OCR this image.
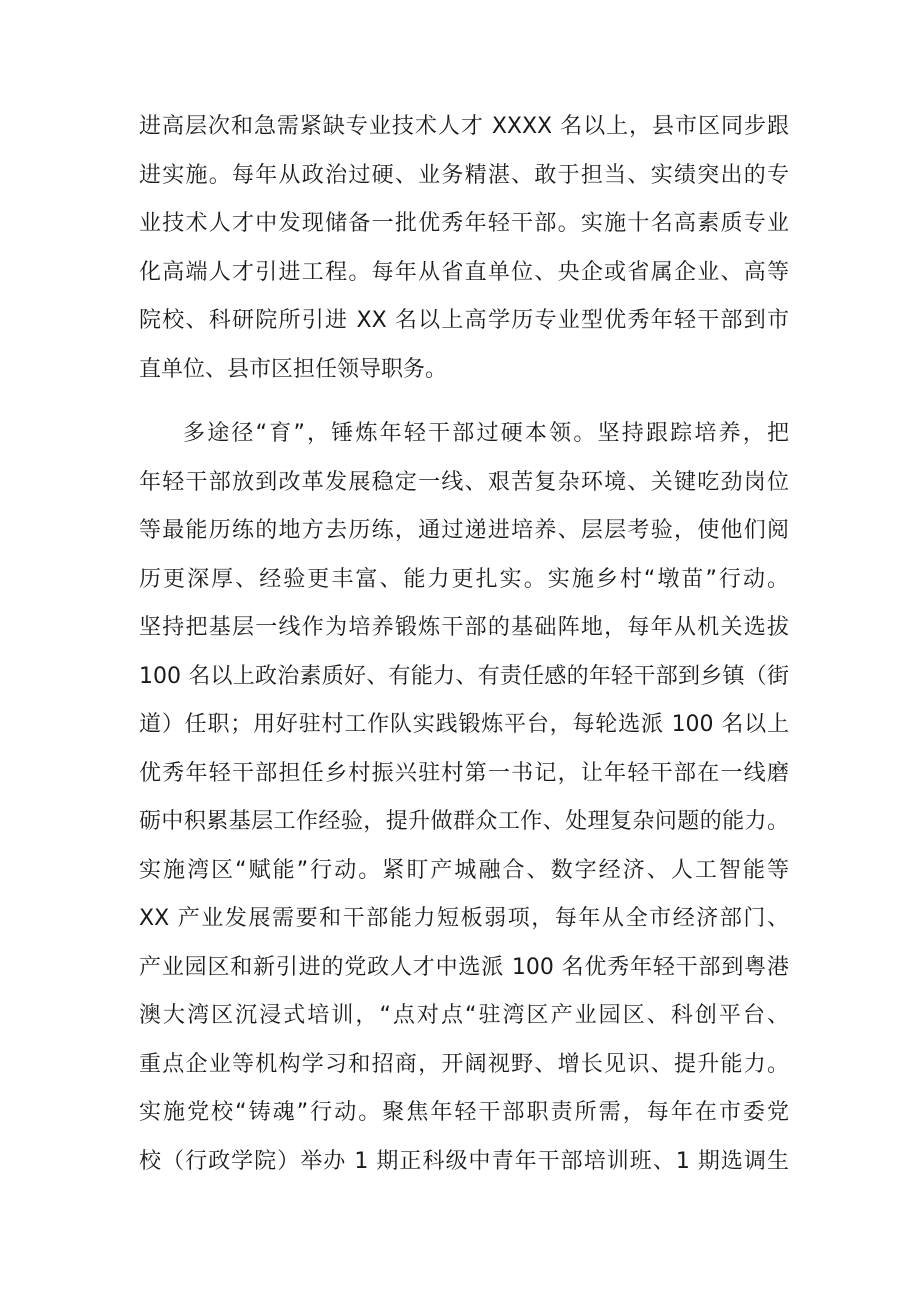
进高层次和急需紧缺专业技术人才 XXXX 名以上，县市区同步跟
进实施。每年从政治过硬、业务精湛、敢于担当、实绩突出的专
业技术人才中发现储备一批优秀年轻干部。实施十名高素质专业
化高端人才引进工程。每年从省直单位、央企或省属企业、高等
院校、科研院所引进 XX 名以上高学历专业型优秀年轻干部到市
直单位、县市区担任领导职务。
多途径“育”，锤炼年轻干部过硬本领。坚持跟踪培养，把
年轻干部放到改革发展稳定一线、艰苦复杂环境、关键吃劲岗位
等最能历练的地方去历练，通过递进培养、层层考验，使他们阅
历更深厚、经验更丰富、能力更扎实。实施乡村“墩苗”行动。
坚持把基层一线作为培养锻炼干部的基础阵地，每年从机关选拔
100 名以上政治素质好、有能力、有责任感的年轻干部到乡镇（街
道）任职；用好驻村工作队实践锻炼平台，每轮选派 100 名以上
优秀年轻干部担任乡村振兴驻村第一书记，让年轻干部在一线磨
砺中积累基层工作经验，提升做群众工作、处理复杂问题的能力。
实施湾区“赋能”行动。紧盯产城融合、数字经济、人工智能等
XX 产业发展需要和干部能力短板弱项，每年从全市经济部门、
产业园区和新引进的党政人才中选派 100 名优秀年轻干部到粤港
澳大湾区沉浸式培训，“点对点“驻湾区产业园区、科创平台、
重点企业等机构学习和招商，开阔视野、增长见识、提升能力。
实施党校“铸魂”行动。聚焦年轻干部职责所需，每年在市委党
校（行政学院）举办 1 期正科级中青年干部培训班、1 期选调生
